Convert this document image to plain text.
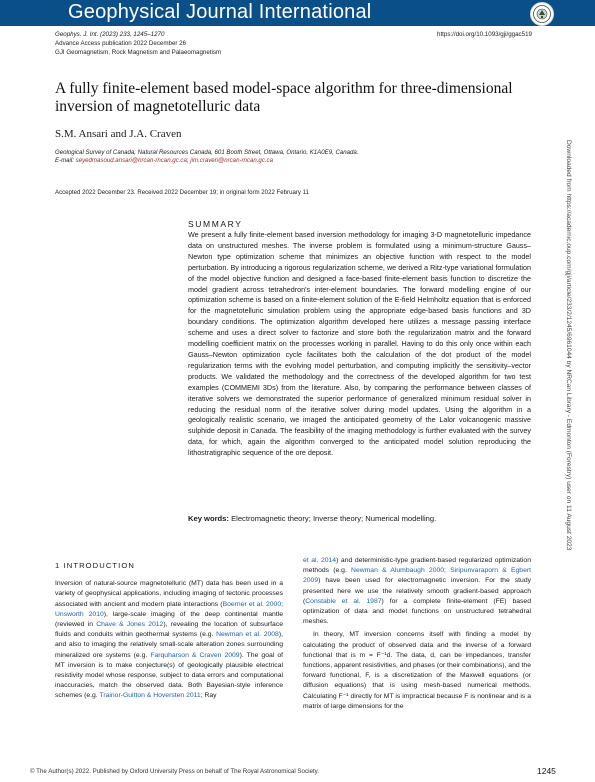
Geophysical Journal International
Geophys. J. Int. (2023) 233, 1245–1270
Advance Access publication 2022 December 26
GJI Geomagnetism, Rock Magnetism and Palaeomagnetism
https://doi.org/10.1093/gji/ggac519
A fully finite-element based model-space algorithm for three-dimensional inversion of magnetotelluric data
S.M. Ansari and J.A. Craven
Geological Survey of Canada, Natural Resources Canada, 601 Booth Street, Ottawa, Ontario, K1A0E9, Canada.
E-mail: seyedmasoud.ansari@nrcan-rncan.gc.ca; jim.craven@nrcan-rncan.gc.ca
Accepted 2022 December 23. Received 2022 December 19; in original form 2022 February 11
SUMMARY
We present a fully finite-element based inversion methodology for imaging 3-D magnetotelluric impedance data on unstructured meshes. The inverse problem is formulated using a minimum-structure Gauss–Newton type optimization scheme that minimizes an objective function with respect to the model perturbation. By introducing a rigorous regularization scheme, we derived a Ritz-type variational formulation of the model objective function and designed a face-based finite-element basis function to discretize the model gradient across tetrahedron's inter-element boundaries. The forward modelling engine of our optimization scheme is based on a finite-element solution of the E-field Helmholtz equation that is enforced for the magnetotelluric simulation problem using the appropriate edge-based basis functions and 3D boundary conditions. The optimization algorithm developed here utilizes a message passing interface scheme and uses a direct solver to factorize and store both the regularization matrix and the forward modelling coefficient matrix on the processes working in parallel. Having to do this only once within each Gauss–Newton optimization cycle facilitates both the calculation of the dot product of the model regularization terms with the evolving model perturbation, and computing implicitly the sensitivity–vector products. We validated the methodology and the correctness of the developed algorithm for two test examples (COMMEMI 3Ds) from the literature. Also, by comparing the performance between classes of iterative solvers we demonstrated the superior performance of generalized minimum residual solver in reducing the residual norm of the iterative solver during model updates. Using the algorithm in a geologically realistic scenario, we imaged the anticipated geometry of the Lalor volcanogenic massive sulphide deposit in Canada. The feasibility of the imaging methodology is further evaluated with the survey data, for which, again the algorithm converged to the anticipated model solution reproducing the lithostratigraphic sequence of the ore deposit.
Key words: Electromagnetic theory; Inverse theory; Numerical modelling.
1 INTRODUCTION

Inversion of natural-source magnetotelluric (MT) data has been used in a variety of geophysical applications, including imaging of tectonic processes associated with ancient and modern plate interactions (Boerner et al. 2000; Unsworth 2010), large-scale imaging of the deep continental mantle (reviewed in Chave & Jones 2012), revealing the location of subsurface fluids and conduits within geothermal systems (e.g. Newman et al. 2008), and also to imaging the relatively small-scale alteration zones surrounding mineralized ore systems (e.g. Farquharson & Craven 2009). The goal of MT inversion is to make conjecture(s) of geologically plausible electrical resistivity model whose response, subject to data errors and computational inaccuracies, match the observed data. Both Bayesian-style inference schemes (e.g. Trainor-Guitton & Hoversten 2011; Ray

et al. 2014) and deterministic-type gradient-based regularized optimization methods (e.g. Newman & Alumbaugh 2000; Siripunvaraporn & Egbert 2009) have been used for electromagnetic inversion. For the study presented here we use the relatively smooth gradient-based approach (Constable et al. 1987) for a complete finite-element (FE) based optimization of data and model functions on unstructured tetrahedral meshes.

In theory, MT inversion concerns itself with finding a model by calculating the product of observed data and the inverse of a forward functional that is m = F⁻¹d. The data, d, can be impedances, transfer functions, apparent resistivities, and phases (or their combinations), and the forward functional, F, is a discretization of the Maxwell equations (or diffusion equations) that is using mesh-based numerical methods. Calculating F⁻¹ directly for MT is impractical because F is nonlinear and is a matrix of large dimensions for the

© The Author(s) 2022. Published by Oxford University Press on behalf of The Royal Astronomical Society.	1245
Downloaded from https://academic.oup.com/gji/article/233/2/1245/6961044 by NRCan Library - Edmonton (Forestry) user on 11 August 2023
